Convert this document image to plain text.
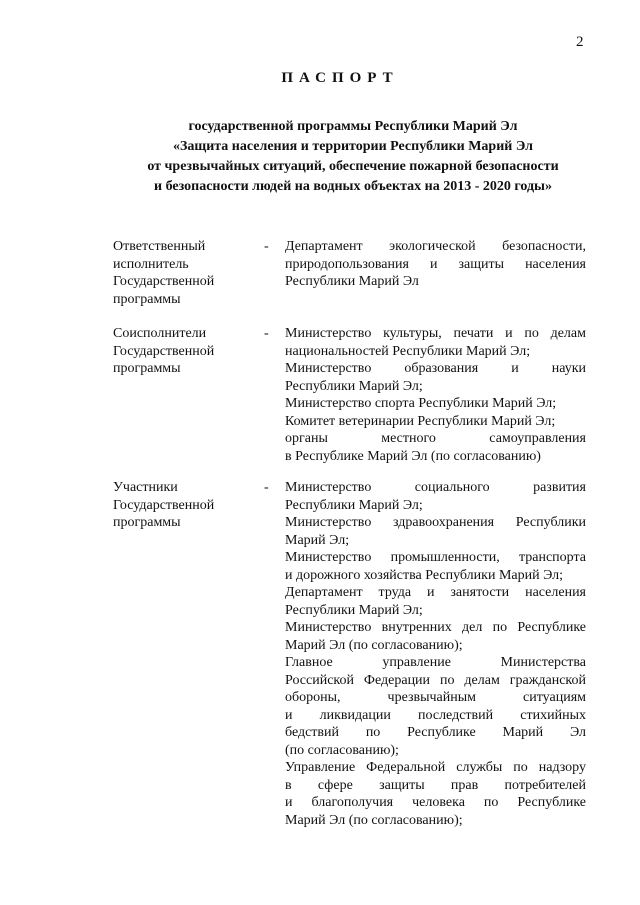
2
ПАСПОРТ
государственной программы Республики Марий Эл
«Защита населения и территории Республики Марий Эл
от чрезвычайных ситуаций, обеспечение пожарной безопасности
и безопасности людей на водных объектах на 2013 - 2020 годы»
Ответственный
исполнитель
Государственной
программы
- Департамент экологической безопасности,
природопользования и защиты населения
Республики Марий Эл
Соисполнители
Государственной
программы
- Министерство культуры, печати и по делам
национальностей Республики Марий Эл;
Министерство образования и науки
Республики Марий Эл;
Министерство спорта Республики Марий Эл;
Комитет ветеринарии Республики Марий Эл;
органы местного самоуправления
в Республике Марий Эл (по согласованию)
Участники
Государственной
программы
- Министерство социального развития
Республики Марий Эл;
Министерство здравоохранения Республики
Марий Эл;
Министерство промышленности, транспорта
и дорожного хозяйства Республики Марий Эл;
Департамент труда и занятости населения
Республики Марий Эл;
Министерство внутренних дел по Республике
Марий Эл (по согласованию);
Главное управление Министерства
Российской Федерации по делам гражданской
обороны, чрезвычайным ситуациям
и ликвидации последствий стихийных
бедствий по Республике Марий Эл
(по согласованию);
Управление Федеральной службы по надзору
в сфере защиты прав потребителей
и благополучия человека по Республике
Марий Эл (по согласованию);
